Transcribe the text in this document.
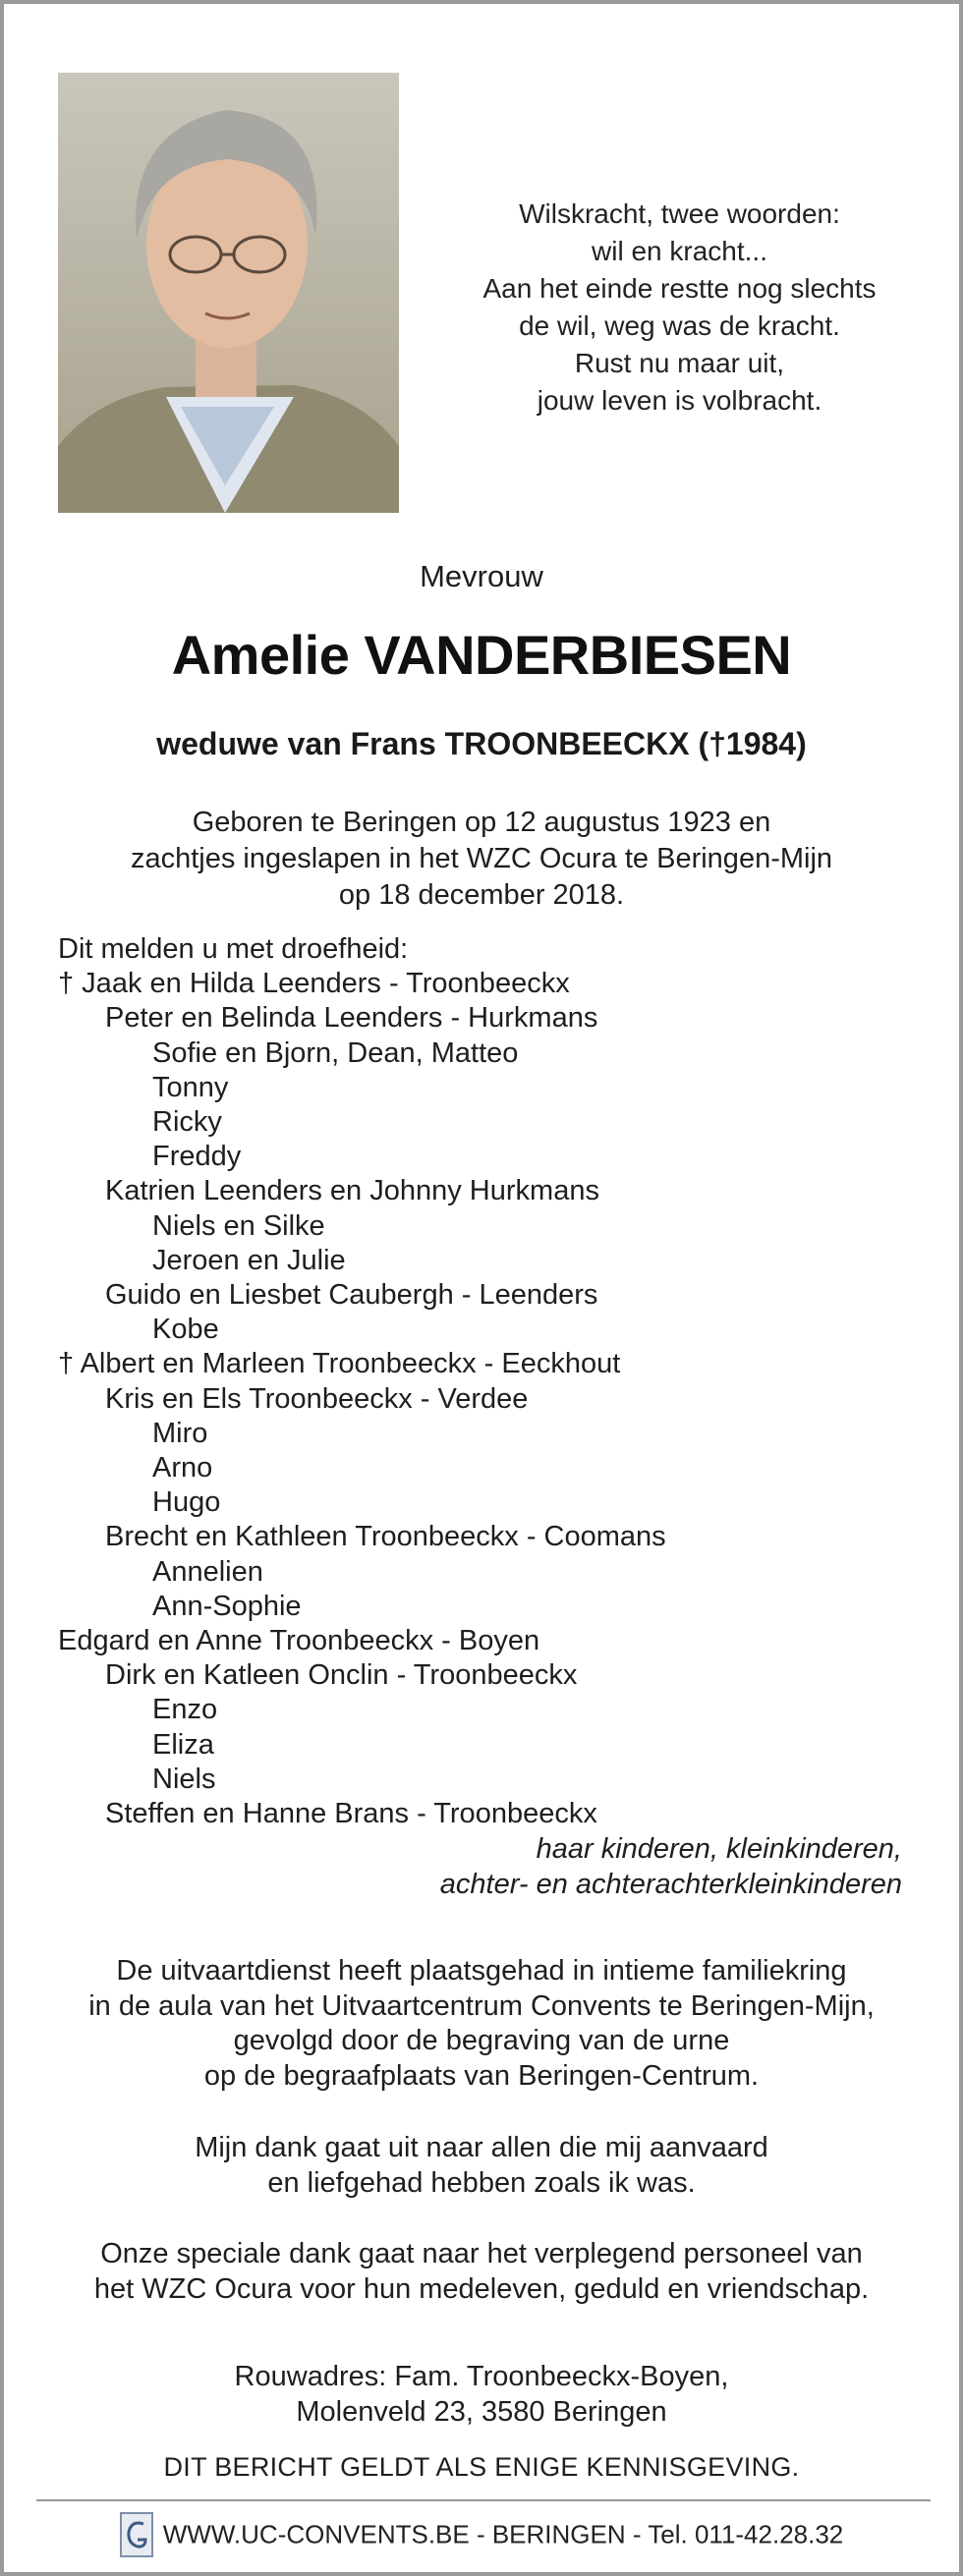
Wilskracht, twee woorden:
wil en kracht...
Aan het einde restte nog slechts
de wil, weg was de kracht.
Rust nu maar uit,
jouw leven is volbracht.
Mevrouw
Amelie VANDERBIESEN
weduwe van Frans TROONBEECKX (†1984)
Geboren te Beringen op 12 augustus 1923 en
zachtjes ingeslapen in het WZC Ocura te Beringen-Mijn
op 18 december 2018.
Dit melden u met droefheid:
† Jaak en Hilda Leenders - Troonbeeckx
Peter en Belinda Leenders - Hurkmans
Sofie en Bjorn, Dean, Matteo
Tonny
Ricky
Freddy
Katrien Leenders en Johnny Hurkmans
Niels en Silke
Jeroen en Julie
Guido en Liesbet Caubergh - Leenders
Kobe
† Albert en Marleen Troonbeeckx - Eeckhout
Kris en Els Troonbeeckx - Verdee
Miro
Arno
Hugo
Brecht en Kathleen Troonbeeckx - Coomans
Annelien
Ann-Sophie
Edgard en Anne Troonbeeckx - Boyen
Dirk en Katleen Onclin - Troonbeeckx
Enzo
Eliza
Niels
Steffen en Hanne Brans - Troonbeeckx
haar kinderen, kleinkinderen,
achter- en achterachterkleinkinderen
De uitvaartdienst heeft plaatsgehad in intieme familiekring
in de aula van het Uitvaartcentrum Convents te Beringen-Mijn,
gevolgd door de begraving van de urne
op de begraafplaats van Beringen-Centrum.
Mijn dank gaat uit naar allen die mij aanvaard
en liefgehad hebben zoals ik was.
Onze speciale dank gaat naar het verplegend personeel van
het WZC Ocura voor hun medeleven, geduld en vriendschap.
Rouwadres: Fam. Troonbeeckx-Boyen,
Molenveld 23, 3580 Beringen
DIT BERICHT GELDT ALS ENIGE KENNISGEVING.
WWW.UC-CONVENTS.BE - BERINGEN - Tel. 011-42.28.32
